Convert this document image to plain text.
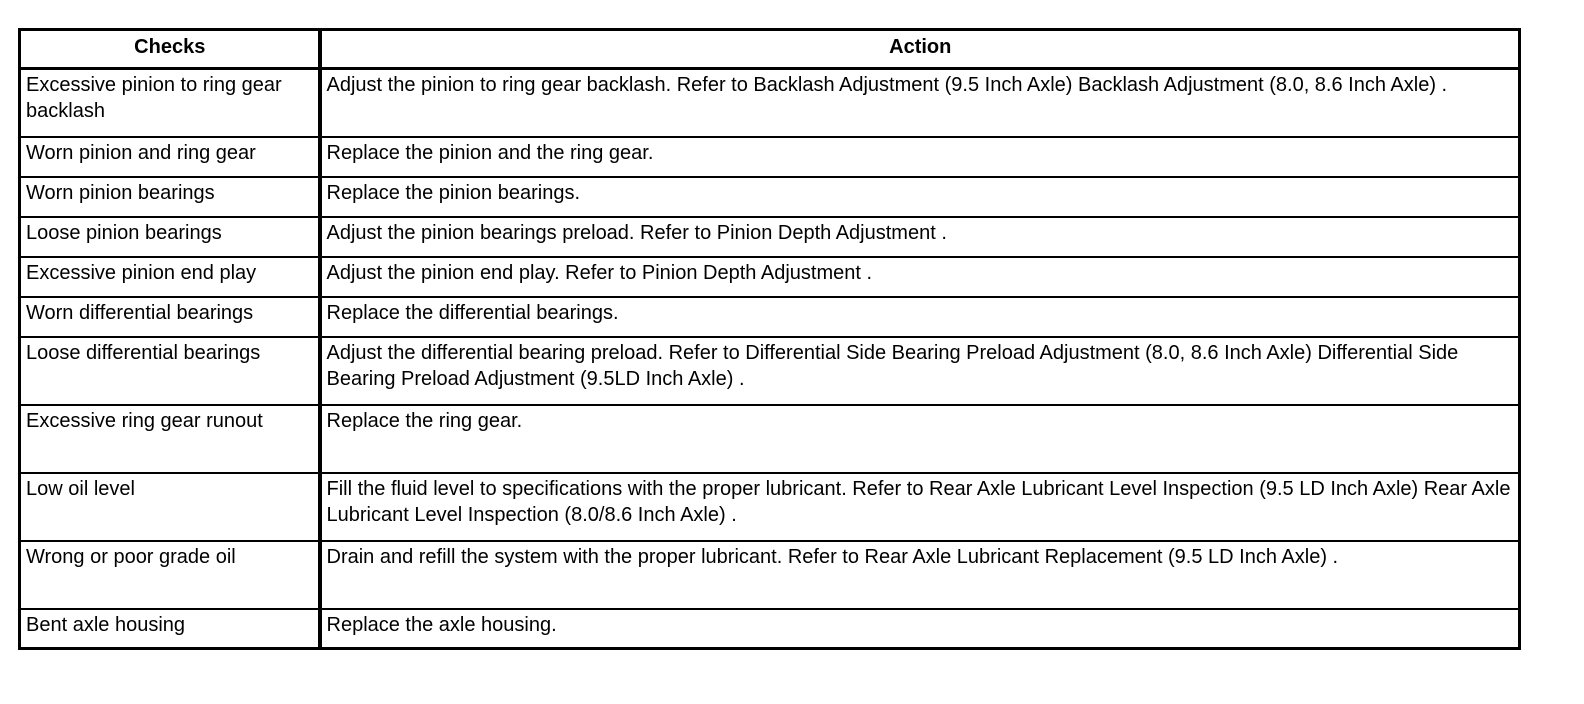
Checks	Action
Excessive pinion to ring gear backlash	Adjust the pinion to ring gear backlash. Refer to Backlash Adjustment (9.5 Inch Axle) Backlash Adjustment (8.0, 8.6 Inch Axle) .
Worn pinion and ring gear	Replace the pinion and the ring gear.
Worn pinion bearings	Replace the pinion bearings.
Loose pinion bearings	Adjust the pinion bearings preload. Refer to Pinion Depth Adjustment .
Excessive pinion end play	Adjust the pinion end play. Refer to Pinion Depth Adjustment .
Worn differential bearings	Replace the differential bearings.
Loose differential bearings	Adjust the differential bearing preload. Refer to Differential Side Bearing Preload Adjustment (8.0, 8.6 Inch Axle) Differential Side Bearing Preload Adjustment (9.5LD Inch Axle) .
Excessive ring gear runout	Replace the ring gear.
Low oil level	Fill the fluid level to specifications with the proper lubricant. Refer to Rear Axle Lubricant Level Inspection (9.5 LD Inch Axle) Rear Axle Lubricant Level Inspection (8.0/8.6 Inch Axle) .
Wrong or poor grade oil	Drain and refill the system with the proper lubricant. Refer to Rear Axle Lubricant Replacement (9.5 LD Inch Axle) .
Bent axle housing	Replace the axle housing.
